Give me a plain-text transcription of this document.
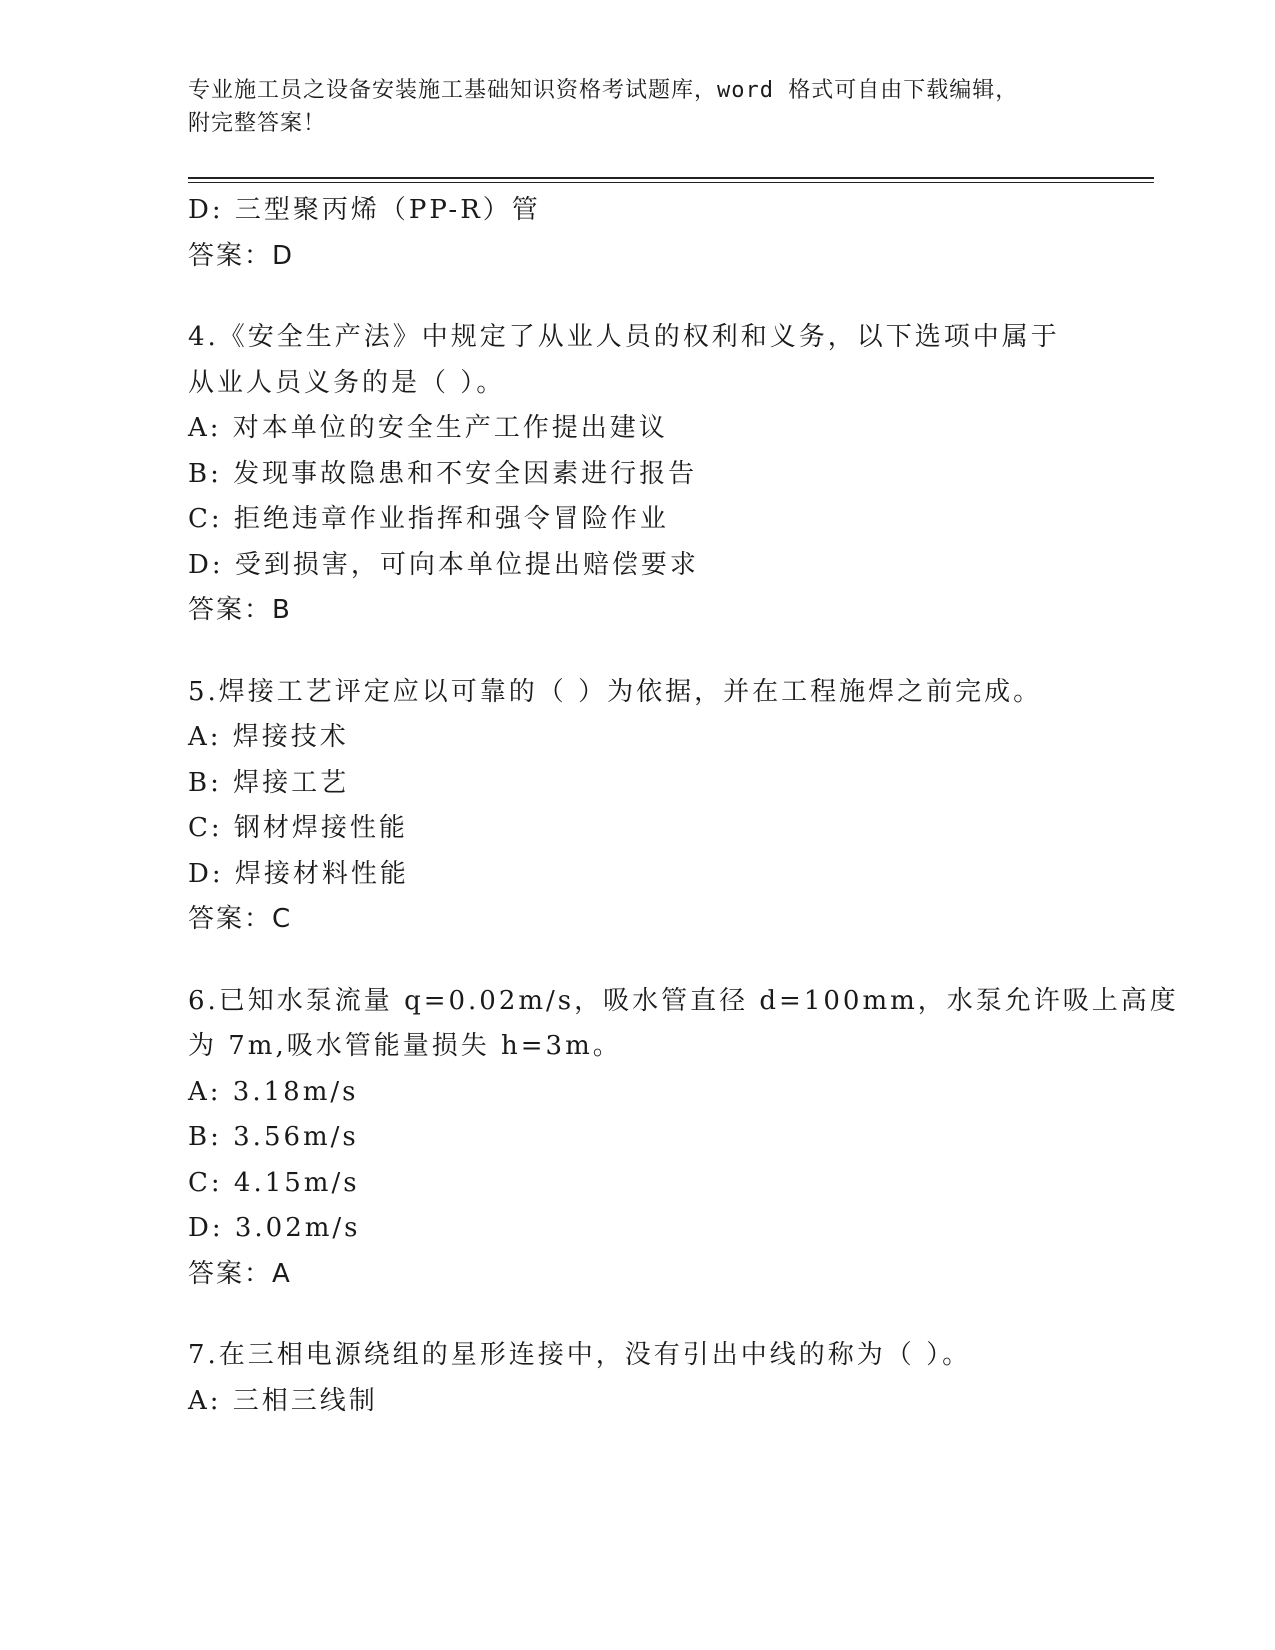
专业施工员之设备安装施工基础知识资格考试题库，word 格式可自由下载编辑，
附完整答案！
D: 三型聚丙烯（PP-R）管
答案：D
4.《安全生产法》中规定了从业人员的权利和义务，以下选项中属于
从业人员义务的是（ ）。
A: 对本单位的安全生产工作提出建议
B: 发现事故隐患和不安全因素进行报告
C: 拒绝违章作业指挥和强令冒险作业
D: 受到损害，可向本单位提出赔偿要求
答案：B
5.焊接工艺评定应以可靠的（ ）为依据，并在工程施焊之前完成。
A: 焊接技术
B: 焊接工艺
C: 钢材焊接性能
D: 焊接材料性能
答案：C
6.已知水泵流量 q=0.02m/s，吸水管直径 d=100mm，水泵允许吸上高度
为 7m,吸水管能量损失 h=3m。
A: 3.18m/s
B: 3.56m/s
C: 4.15m/s
D: 3.02m/s
答案：A
7.在三相电源绕组的星形连接中，没有引出中线的称为（ ）。
A: 三相三线制
